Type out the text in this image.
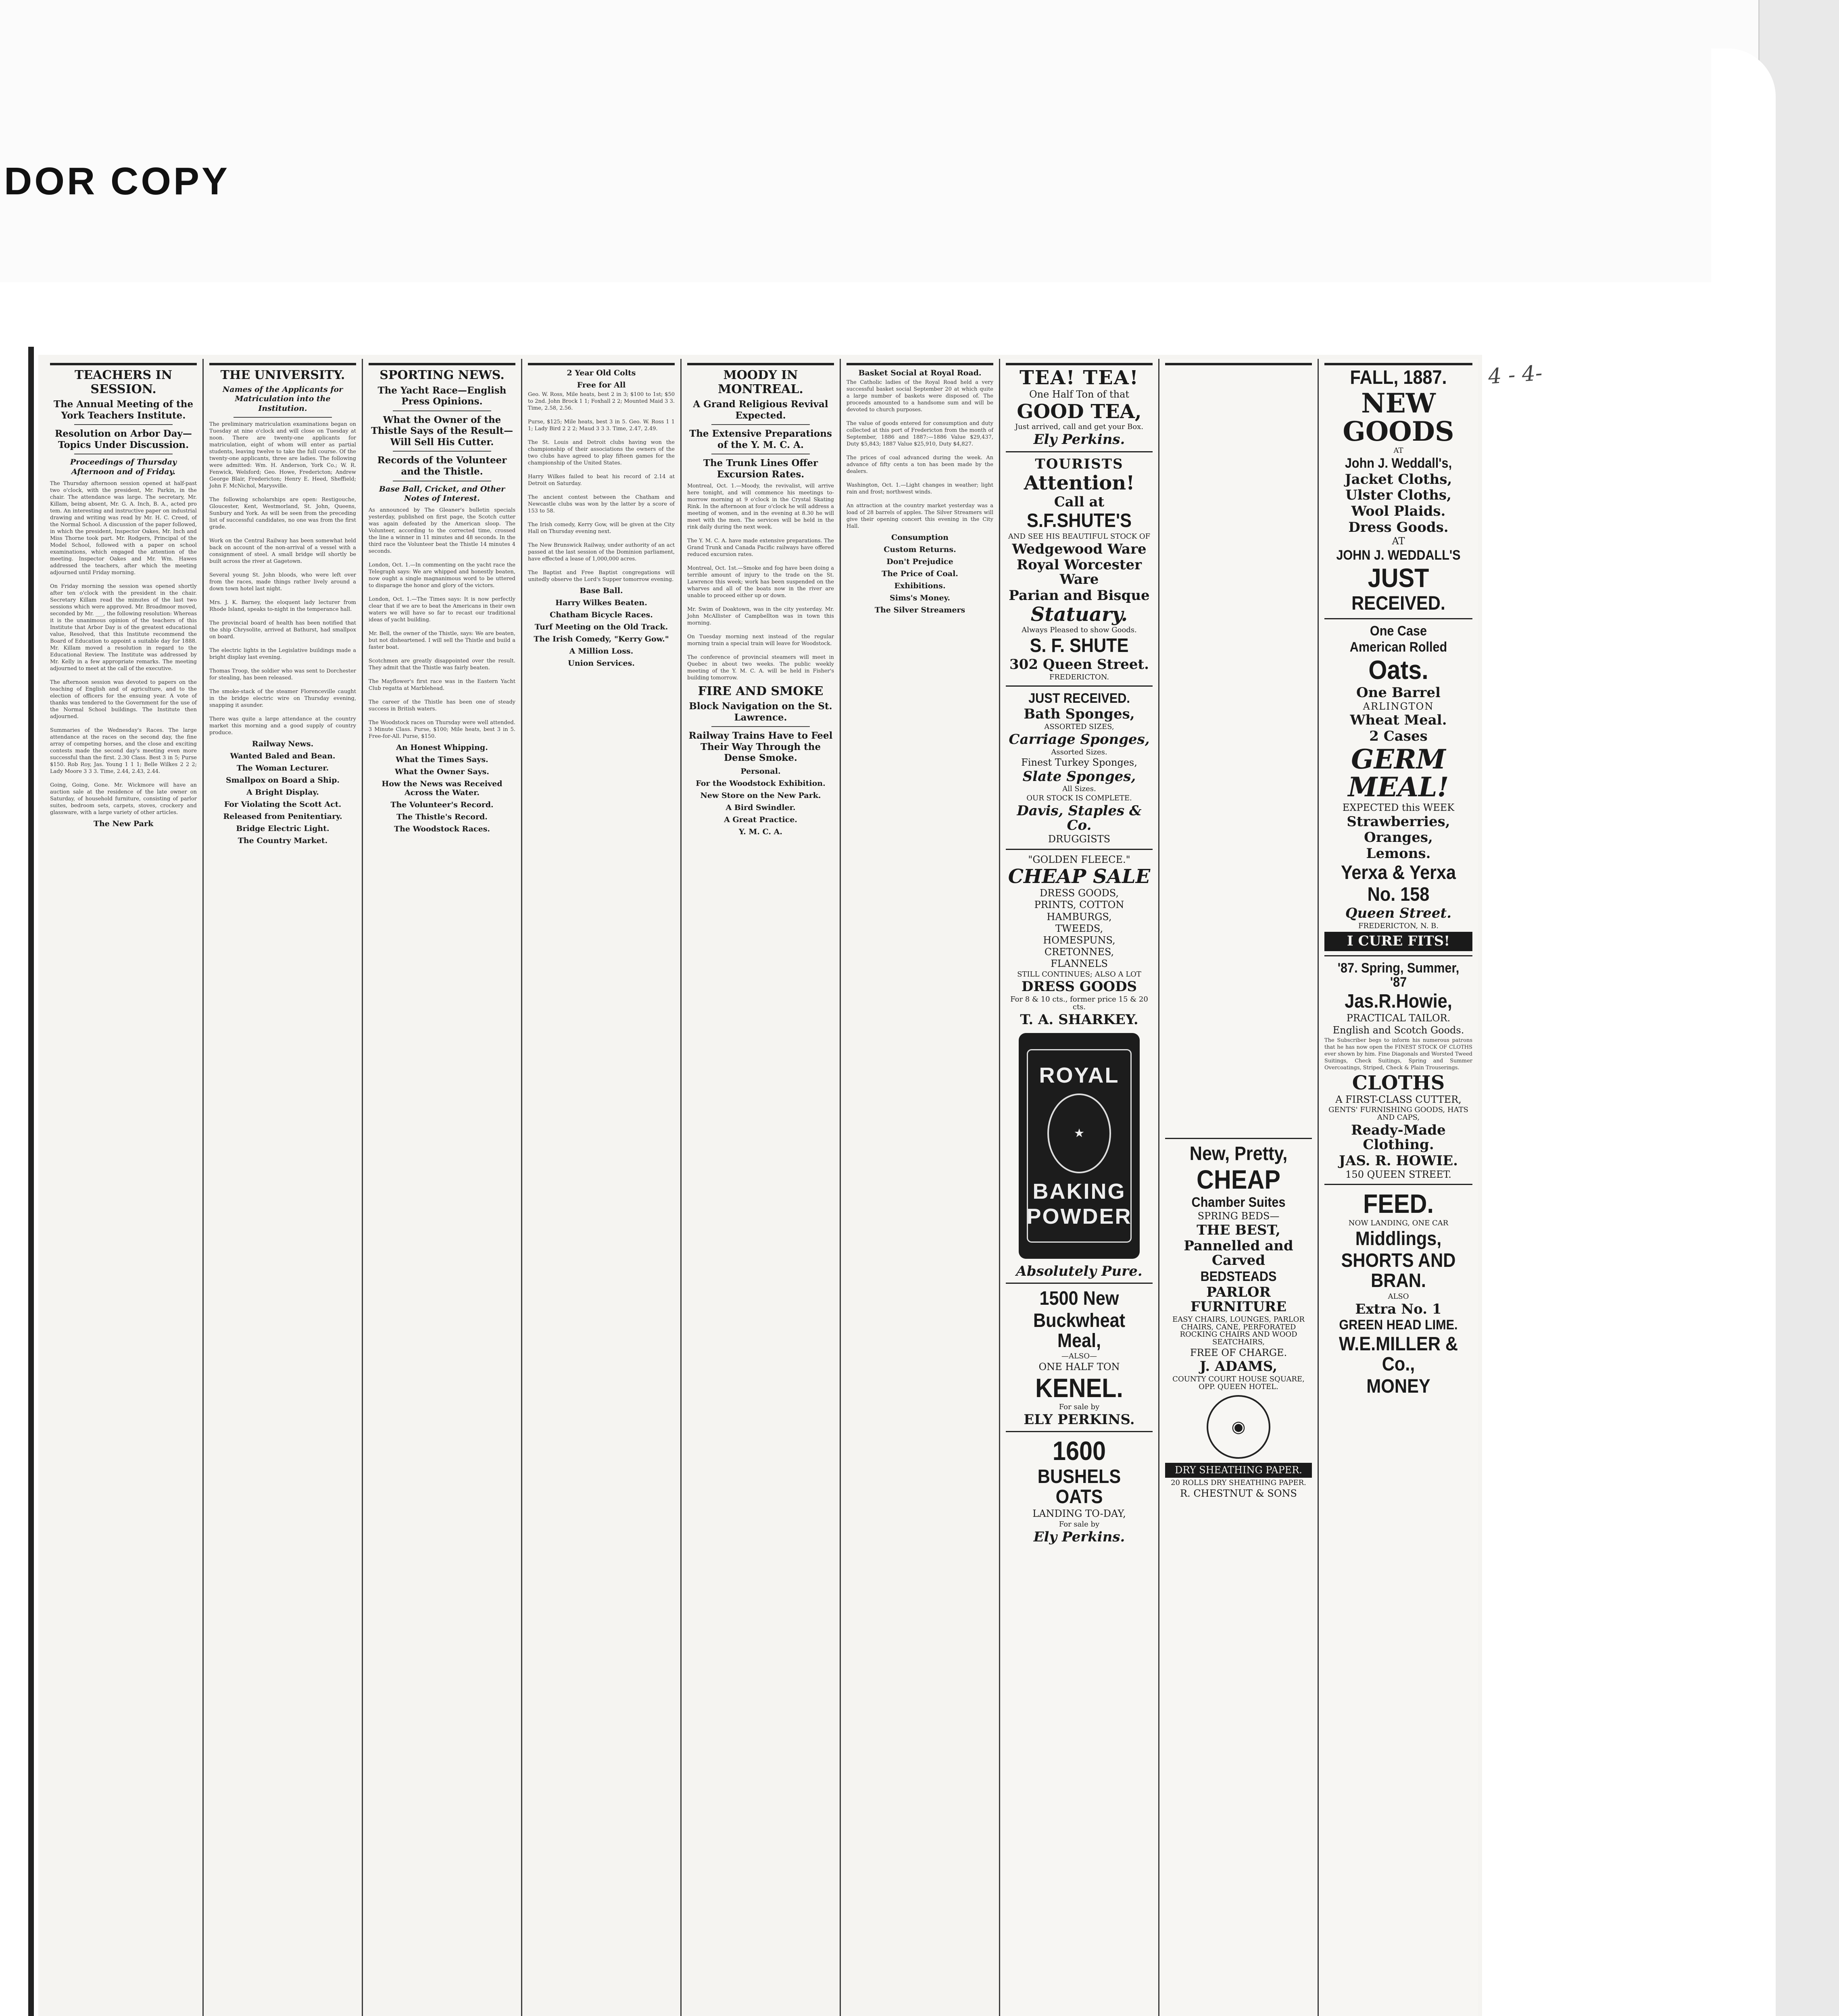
DOR COPY
4 - 4-
TEACHERS IN SESSION.
The Annual Meeting of the York Teachers Institute.
Resolution on Arbor Day—Topics Under Discussion.
Proceedings of Thursday Afternoon and of Friday.
The Thursday afternoon session opened at half-past two o'clock, with the president, Mr. Parkin, in the chair. The attendance was large. The secretary, Mr. Killam, being absent, Mr. G. A. Inch, B. A., acted pro tem. An interesting and instructive paper on industrial drawing and writing was read by Mr. H. C. Creed, of the Normal School. A discussion of the paper followed, in which the president, Inspector Oakes, Mr. Inch and Miss Thorne took part. Mr. Rodgers, Principal of the Model School, followed with a paper on school examinations, which engaged the attention of the meeting. Inspector Oakes and Mr. Wm. Hawes addressed the teachers, after which the meeting adjourned until Friday morning.

On Friday morning the session was opened shortly after ten o'clock with the president in the chair. Secretary Killam read the minutes of the last two sessions which were approved. Mr. Broadmoor moved, seconded by Mr. ___, the following resolution: Whereas it is the unanimous opinion of the teachers of this Institute that Arbor Day is of the greatest educational value, Resolved, that this Institute recommend the Board of Education to appoint a suitable day for 1888. Mr. Killam moved a resolution in regard to the Educational Review. The Institute was addressed by Mr. Kelly in a few appropriate remarks. The meeting adjourned to meet at the call of the executive.

The afternoon session was devoted to papers on the teaching of English and of agriculture, and to the election of officers for the ensuing year. A vote of thanks was tendered to the Government for the use of the Normal School buildings. The Institute then adjourned.

Summaries of the Wednesday's Races. The large attendance at the races on the second day, the fine array of competing horses, and the close and exciting contests made the second day's meeting even more successful than the first. 2.30 Class. Best 3 in 5; Purse $150. Rob Roy, Jas. Young 1 1 1; Belle Wilkes 2 2 2; Lady Moore 3 3 3. Time, 2.44, 2.43, 2.44.

Going, Going, Gone. Mr. Wickmore will have an auction sale at the residence of the late owner on Saturday, of household furniture, consisting of parlor suites, bedroom sets, carpets, stoves, crockery and glassware, with a large variety of other articles.
The New Park
THE UNIVERSITY.
Names of the Applicants for Matriculation into the Institution.
The preliminary matriculation examinations began on Tuesday at nine o'clock and will close on Tuesday at noon. There are twenty-one applicants for matriculation, eight of whom will enter as partial students, leaving twelve to take the full course. Of the twenty-one applicants, three are ladies. The following were admitted: Wm. H. Anderson, York Co.; W. R. Fenwick, Welsford; Geo. Howe, Fredericton; Andrew George Blair, Fredericton; Henry E. Heed, Sheffield; John F. McNichol, Marysville.

The following scholarships are open: Restigouche, Gloucester, Kent, Westmorland, St. John, Queens, Sunbury and York. As will be seen from the preceding list of successful candidates, no one was from the first grade.

Work on the Central Railway has been somewhat held back on account of the non-arrival of a vessel with a consignment of steel. A small bridge will shortly be built across the river at Gagetown.

Several young St. John bloods, who were left over from the races, made things rather lively around a down town hotel last night.

Mrs. J. K. Barney, the eloquent lady lecturer from Rhode Island, speaks to-night in the temperance hall.

The provincial board of health has been notified that the ship Chrysolite, arrived at Bathurst, had smallpox on board.

The electric lights in the Legislative buildings made a bright display last evening.

Thomas Troop, the soldier who was sent to Dorchester for stealing, has been released.

The smoke-stack of the steamer Florenceville caught in the bridge electric wire on Thursday evening, snapping it asunder.

There was quite a large attendance at the country market this morning and a good supply of country produce.
Railway News.
Wanted Baled and Bean.
The Woman Lecturer.
Smallpox on Board a Ship.
A Bright Display.
For Violating the Scott Act.
Released from Penitentiary.
Bridge Electric Light.
The Country Market.
SPORTING NEWS.
The Yacht Race—English Press Opinions.
What the Owner of the Thistle Says of the Result—Will Sell His Cutter.
Records of the Volunteer and the Thistle.
Base Ball, Cricket, and Other Notes of Interest.
As announced by The Gleaner's bulletin specials yesterday, published on first page, the Scotch cutter was again defeated by the American sloop. The Volunteer, according to the corrected time, crossed the line a winner in 11 minutes and 48 seconds. In the third race the Volunteer beat the Thistle 14 minutes 4 seconds.

London, Oct. 1.—In commenting on the yacht race the Telegraph says: We are whipped and honestly beaten, now ought a single magnanimous word to be uttered to disparage the honor and glory of the victors.

London, Oct. 1.—The Times says: It is now perfectly clear that if we are to beat the Americans in their own waters we will have so far to recast our traditional ideas of yacht building.

Mr. Bell, the owner of the Thistle, says: We are beaten, but not disheartened. I will sell the Thistle and build a faster boat.

Scotchmen are greatly disappointed over the result. They admit that the Thistle was fairly beaten.

The Mayflower's first race was in the Eastern Yacht Club regatta at Marblehead.

The career of the Thistle has been one of steady success in British waters.

The Woodstock races on Thursday were well attended. 3 Minute Class. Purse, $100; Mile heats, best 3 in 5. Free-for-All. Purse, $150.
An Honest Whipping.
What the Times Says.
What the Owner Says.
How the News was Received Across the Water.
The Volunteer's Record.
The Thistle's Record.
The Woodstock Races.
2 Year Old Colts
Free for All
Geo. W. Ross, Mile heats, best 2 in 3; $100 to 1st; $50 to 2nd. John Brock 1 1; Foxhall 2 2; Mounted Maid 3 3. Time, 2.58, 2.56.

Purse, $125; Mile heats, best 3 in 5. Geo. W. Ross 1 1 1; Lady Bird 2 2 2; Maud 3 3 3. Time, 2.47, 2.49.

The St. Louis and Detroit clubs having won the championship of their associations the owners of the two clubs have agreed to play fifteen games for the championship of the United States.

Harry Wilkes failed to beat his record of 2.14 at Detroit on Saturday.

The ancient contest between the Chatham and Newcastle clubs was won by the latter by a score of 153 to 58.

The Irish comedy, Kerry Gow, will be given at the City Hall on Thursday evening next.

The New Brunswick Railway, under authority of an act passed at the last session of the Dominion parliament, have effected a lease of 1,000,000 acres.

The Baptist and Free Baptist congregations will unitedly observe the Lord's Supper tomorrow evening.
Base Ball.
Harry Wilkes Beaten.
Chatham Bicycle Races.
Turf Meeting on the Old Track.
The Irish Comedy, "Kerry Gow."
A Million Loss.
Union Services.
MOODY IN MONTREAL.
A Grand Religious Revival Expected.
The Extensive Preparations of the Y. M. C. A.
The Trunk Lines Offer Excursion Rates.
Montreal, Oct. 1.—Moody, the revivalist, will arrive here tonight, and will commence his meetings to-morrow morning at 9 o'clock in the Crystal Skating Rink. In the afternoon at four o'clock he will address a meeting of women, and in the evening at 8.30 he will meet with the men. The services will be held in the rink daily during the next week.

The Y. M. C. A. have made extensive preparations. The Grand Trunk and Canada Pacific railways have offered reduced excursion rates.

Montreal, Oct. 1st.—Smoke and fog have been doing a terrible amount of injury to the trade on the St. Lawrence this week; work has been suspended on the wharves and all of the boats now in the river are unable to proceed either up or down.

Mr. Swim of Doaktown, was in the city yesterday. Mr. John McAllister of Campbellton was in town this morning.

On Tuesday morning next instead of the regular morning train a special train will leave for Woodstock.

The conference of provincial steamers will meet in Quebec in about two weeks. The public weekly meeting of the Y. M. C. A. will be held in Fisher's building tomorrow.
FIRE AND SMOKE
Block Navigation on the St. Lawrence.
Railway Trains Have to Feel Their Way Through the Dense Smoke.
Personal.
For the Woodstock Exhibition.
New Store on the New Park.
A Bird Swindler.
A Great Practice.
Y. M. C. A.
Basket Social at Royal Road.
The Catholic ladies of the Royal Road held a very successful basket social September 20 at which quite a large number of baskets were disposed of. The proceeds amounted to a handsome sum and will be devoted to church purposes.

The value of goods entered for consumption and duty collected at this port of Fredericton from the month of September, 1886 and 1887:—1886 Value $29,437, Duty $5,843; 1887 Value $25,910, Duty $4,827.

The prices of coal advanced during the week. An advance of fifty cents a ton has been made by the dealers.

Washington, Oct. 1.—Light changes in weather; light rain and frost; northwest winds.

An attraction at the country market yesterday was a load of 28 barrels of apples. The Silver Streamers will give their opening concert this evening in the City Hall.
Consumption
Custom Returns.
Don't Prejudice
The Price of Coal.
Exhibitions.
Sims's Money.
The Silver Streamers
TEA! TEA!
One Half Ton of that
GOOD TEA,
Just arrived, call and get your Box.
Ely Perkins.
TOURISTS
Attention!
Call at
S.F.SHUTE'S
AND SEE HIS BEAUTIFUL STOCK OF
Wedgewood Ware
Royal Worcester Ware
Parian and Bisque
Statuary.
Always Pleased to show Goods.
S. F. SHUTE
302 Queen Street.
FREDERICTON.
JUST RECEIVED.
Bath Sponges,
ASSORTED SIZES,
Carriage Sponges,
Assorted Sizes.
Finest Turkey Sponges,
Slate Sponges,
All Sizes.
OUR STOCK IS COMPLETE.
Davis, Staples & Co.
DRUGGISTS
"GOLDEN FLEECE."
CHEAP SALE
DRESS GOODS,
PRINTS, COTTON
HAMBURGS,
TWEEDS,
HOMESPUNS,
CRETONNES,
FLANNELS
STILL CONTINUES; ALSO A LOT
DRESS GOODS
For 8 & 10 cts., former price 15 & 20 cts.
T. A. SHARKEY.
ROYAL
★
BAKING
POWDER
Absolutely Pure.
1500 New
Buckwheat Meal,
—ALSO—
ONE HALF TON
KENEL.
For sale by
ELY PERKINS.
1600
BUSHELS OATS
LANDING TO-DAY,
For sale by
Ely Perkins.
New, Pretty,
CHEAP
Chamber Suites
SPRING BEDS—
THE BEST,
Pannelled and Carved
BEDSTEADS
PARLOR FURNITURE
EASY CHAIRS, LOUNGES, PARLOR CHAIRS, CANE, PERFORATED ROCKING CHAIRS AND WOOD SEATCHAIRS,
FREE OF CHARGE.
J. ADAMS,
COUNTY COURT HOUSE SQUARE, OPP. QUEEN HOTEL.
◉
DRY SHEATHING PAPER.
20 ROLLS DRY SHEATHING PAPER.
R. CHESTNUT & SONS
FALL, 1887.
NEW GOODS
AT
John J. Weddall's,
Jacket Cloths,
Ulster Cloths,
Wool Plaids.
Dress Goods.
AT
JOHN J. WEDDALL'S
JUST
RECEIVED.
One Case
American Rolled
Oats.
One Barrel
ARLINGTON
Wheat Meal.
2 Cases
GERM MEAL!
EXPECTED this WEEK
Strawberries,
Oranges,
Lemons.
Yerxa & Yerxa
No. 158
Queen Street.
FREDERICTON, N. B.
I CURE FITS!
'87. Spring, Summer, '87
Jas.R.Howie,
PRACTICAL TAILOR.
English and Scotch Goods.
The Subscriber begs to inform his numerous patrons that he has now open the FINEST STOCK OF CLOTHS ever shown by him. Fine Diagonals and Worsted Tweed Suitings, Check Suitings, Spring and Summer Overcoatings, Striped, Check & Plain Trouserings.
CLOTHS
A FIRST-CLASS CUTTER,
GENTS' FURNISHING GOODS, HATS AND CAPS,
Ready-Made Clothing.
JAS. R. HOWIE.
150 QUEEN STREET.
FEED.
NOW LANDING, ONE CAR
Middlings,
SHORTS AND BRAN.
ALSO
Extra No. 1
GREEN HEAD LIME.
W.E.MILLER & Co.,
MONEY
